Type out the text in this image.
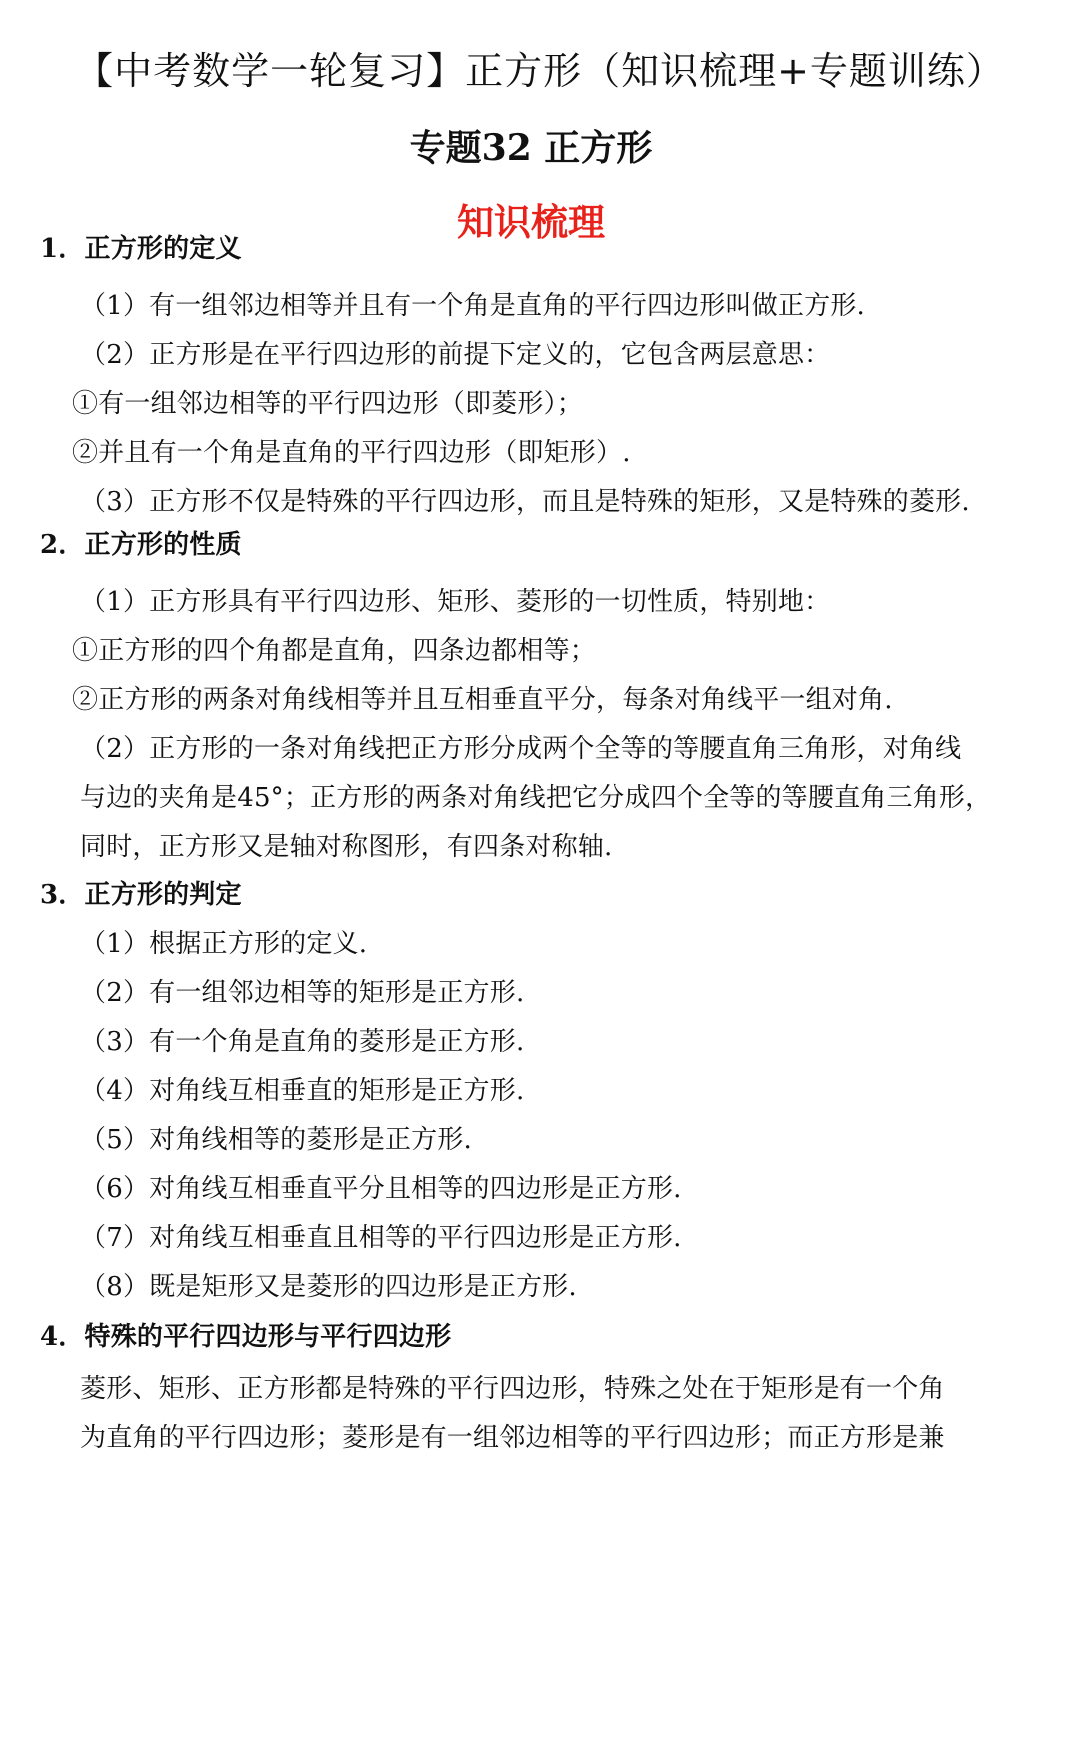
【中考数学一轮复习】正方形（知识梳理+专题训练）
专题32 正方形
知识梳理
1．正方形的定义
（1）有一组邻边相等并且有一个角是直角的平行四边形叫做正方形.
（2）正方形是在平行四边形的前提下定义的，它包含两层意思：
①有一组邻边相等的平行四边形（即菱形）；
②并且有一个角是直角的平行四边形（即矩形）.
（3）正方形不仅是特殊的平行四边形，而且是特殊的矩形，又是特殊的菱形.
2．正方形的性质
（1）正方形具有平行四边形、矩形、菱形的一切性质，特别地：
①正方形的四个角都是直角，四条边都相等；
②正方形的两条对角线相等并且互相垂直平分，每条对角线平一组对角.
（2）正方形的一条对角线把正方形分成两个全等的等腰直角三角形，对角线
与边的夹角是45°；正方形的两条对角线把它分成四个全等的等腰直角三角形，
同时，正方形又是轴对称图形，有四条对称轴.
3．正方形的判定
（1）根据正方形的定义.
（2）有一组邻边相等的矩形是正方形.
（3）有一个角是直角的菱形是正方形.
（4）对角线互相垂直的矩形是正方形.
（5）对角线相等的菱形是正方形.
（6）对角线互相垂直平分且相等的四边形是正方形.
（7）对角线互相垂直且相等的平行四边形是正方形.
（8）既是矩形又是菱形的四边形是正方形.
4．特殊的平行四边形与平行四边形
菱形、矩形、正方形都是特殊的平行四边形，特殊之处在于矩形是有一个角
为直角的平行四边形；菱形是有一组邻边相等的平行四边形；而正方形是兼
